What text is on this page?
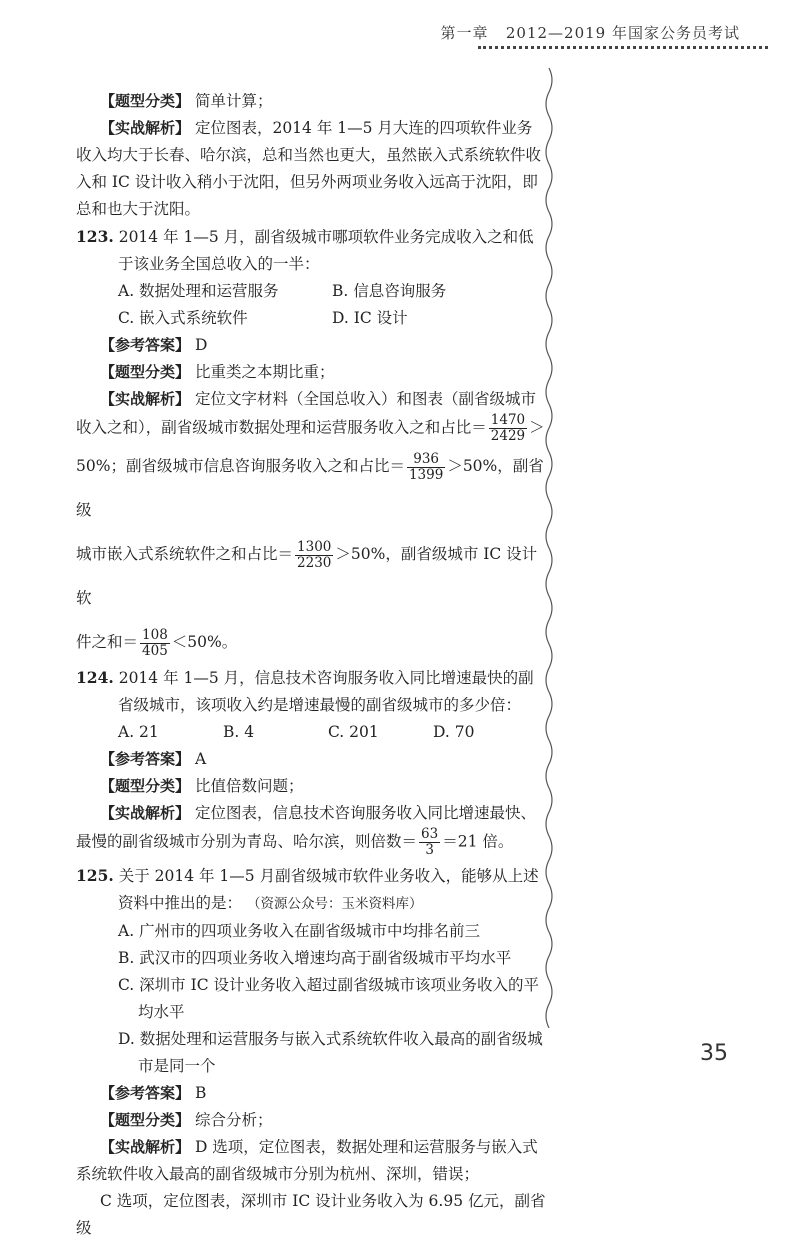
第一章 2012—2019 年国家公务员考试

【题型分类】 简单计算；

【实战解析】 定位图表，2014 年 1—5 月大连的四项软件业务收入均大于长春、哈尔滨，总和当然也更大，虽然嵌入式系统软件收入和 IC 设计收入稍小于沈阳，但另外两项业务收入远高于沈阳，即总和也大于沈阳。

123. 2014 年 1—5 月，副省级城市哪项软件业务完成收入之和低于该业务全国总收入的一半：

A. 数据处理和运营服务	B. 信息咨询服务
C. 嵌入式系统软件	D. IC 设计

【参考答案】 D

【题型分类】 比重类之本期比重；

【实战解析】 定位文字材料（全国总收入）和图表（副省级城市收入之和），副省级城市数据处理和运营服务收入之和占比＝ $\frac{1470}{2429}$ ＞

50%；副省级城市信息咨询服务收入之和占比＝ $\frac{936}{1399} >50\%$，副省级

城市嵌入式系统软件之和占比＝ $\frac{1300}{2230} >50\%$，副省级城市 IC 设计软

件之和＝ $\frac{108}{405} <50\%$。

124. 2014 年 1—5 月，信息技术咨询服务收入同比增速最快的副省级城市，该项收入约是增速最慢的副省级城市的多少倍：

A. 21	B. 4	C. 201	D. 70

【参考答案】 A

【题型分类】 比值倍数问题；

【实战解析】 定位图表，信息技术咨询服务收入同比增速最快、最慢的副省级城市分别为青岛、哈尔滨，则倍数＝ $\frac{63}{3} =21$ 倍。

125. 关于 2014 年 1—5 月副省级城市软件业务收入，能够从上述资料中推出的是： （资源公众号：玉米资料库）

A. 广州市的四项业务收入在副省级城市中均排名前三

B. 武汉市的四项业务收入增速均高于副省级城市平均水平

C. 深圳市 IC 设计业务收入超过副省级城市该项业务收入的平均水平

D. 数据处理和运营服务与嵌入式系统软件收入最高的副省级城市是同一个

【参考答案】 B

【题型分类】 综合分析；

【实战解析】 D 选项，定位图表，数据处理和运营服务与嵌入式系统软件收入最高的副省级城市分别为杭州、深圳，错误；

C 选项，定位图表，深圳市 IC 设计业务收入为 6.95 亿元，副省级

35
